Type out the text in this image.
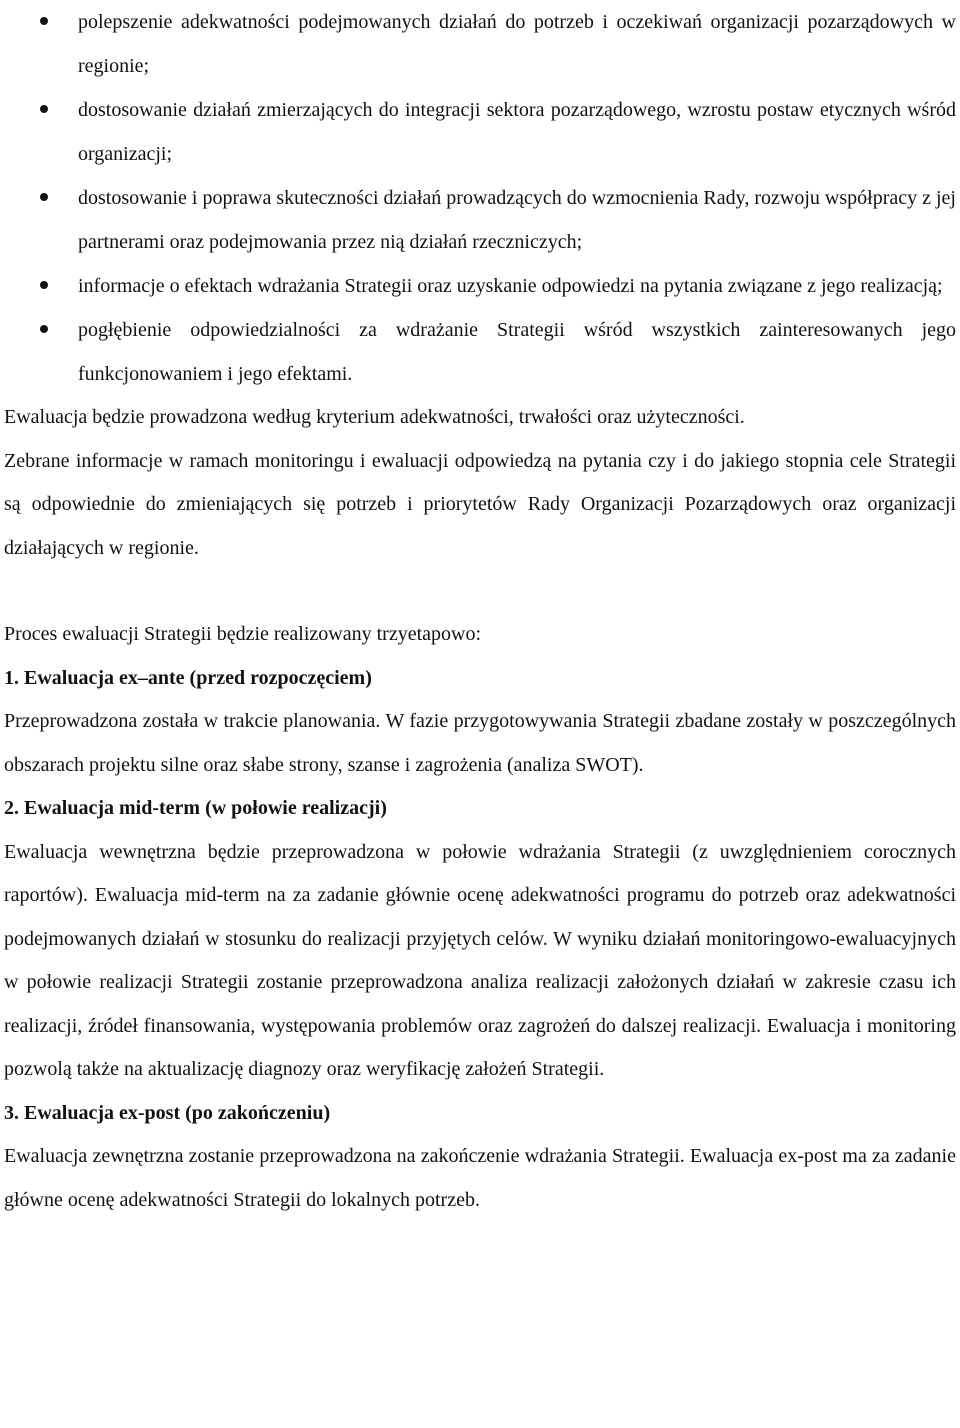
polepszenie adekwatności podejmowanych działań do potrzeb i oczekiwań organizacji pozarządowych w regionie;
dostosowanie działań zmierzających do integracji sektora pozarządowego, wzrostu postaw etycznych wśród organizacji;
dostosowanie i poprawa skuteczności działań prowadzących do wzmocnienia Rady, rozwoju współpracy z jej partnerami oraz podejmowania przez nią działań rzeczniczych;
informacje o efektach wdrażania Strategii oraz uzyskanie odpowiedzi na pytania związane z jego realizacją;
pogłębienie odpowiedzialności za wdrażanie Strategii wśród wszystkich zainteresowanych jego funkcjonowaniem i jego efektami.

Ewaluacja będzie prowadzona według kryterium adekwatności, trwałości oraz użyteczności.

Zebrane informacje w ramach monitoringu i ewaluacji odpowiedzą na pytania czy i do jakiego stopnia cele Strategii są odpowiednie do zmieniających się potrzeb i priorytetów Rady Organizacji Pozarządowych oraz organizacji działających w regionie.

Proces ewaluacji Strategii będzie realizowany trzyetapowo:

1. Ewaluacja ex–ante (przed rozpoczęciem)

Przeprowadzona została w trakcie planowania. W fazie przygotowywania Strategii zbadane zostały w poszczególnych obszarach projektu silne oraz słabe strony, szanse i zagrożenia (analiza SWOT).

2. Ewaluacja mid-term (w połowie realizacji)

Ewaluacja wewnętrzna będzie przeprowadzona w połowie wdrażania Strategii (z uwzględnieniem corocznych raportów). Ewaluacja mid-term na za zadanie głównie ocenę adekwatności programu do potrzeb oraz adekwatności podejmowanych działań w stosunku do realizacji przyjętych celów. W wyniku działań monitoringowo-ewaluacyjnych w połowie realizacji Strategii zostanie przeprowadzona analiza realizacji założonych działań w zakresie czasu ich realizacji, źródeł finansowania, występowania problemów oraz zagrożeń do dalszej realizacji. Ewaluacja i monitoring pozwolą także na aktualizację diagnozy oraz weryfikację założeń Strategii.

3. Ewaluacja ex-post (po zakończeniu)

Ewaluacja zewnętrzna zostanie przeprowadzona na zakończenie wdrażania Strategii. Ewaluacja ex-post ma za zadanie główne ocenę adekwatności Strategii do lokalnych potrzeb.
